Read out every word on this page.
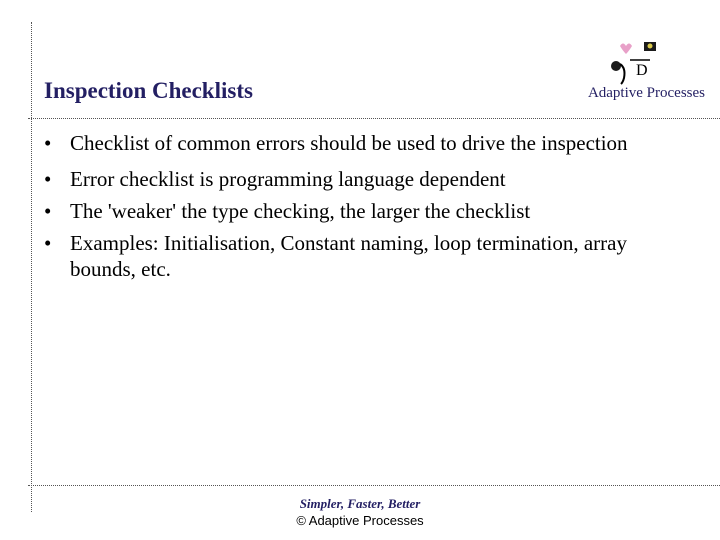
Inspection Checklists
D
Adaptive Processes
• Checklist of common errors should be used to drive the inspection
• Error checklist is programming language dependent
• The 'weaker' the type checking, the larger the checklist
• Examples: Initialisation, Constant naming, loop termination, array bounds, etc.
Simpler, Faster, Better
© Adaptive Processes
